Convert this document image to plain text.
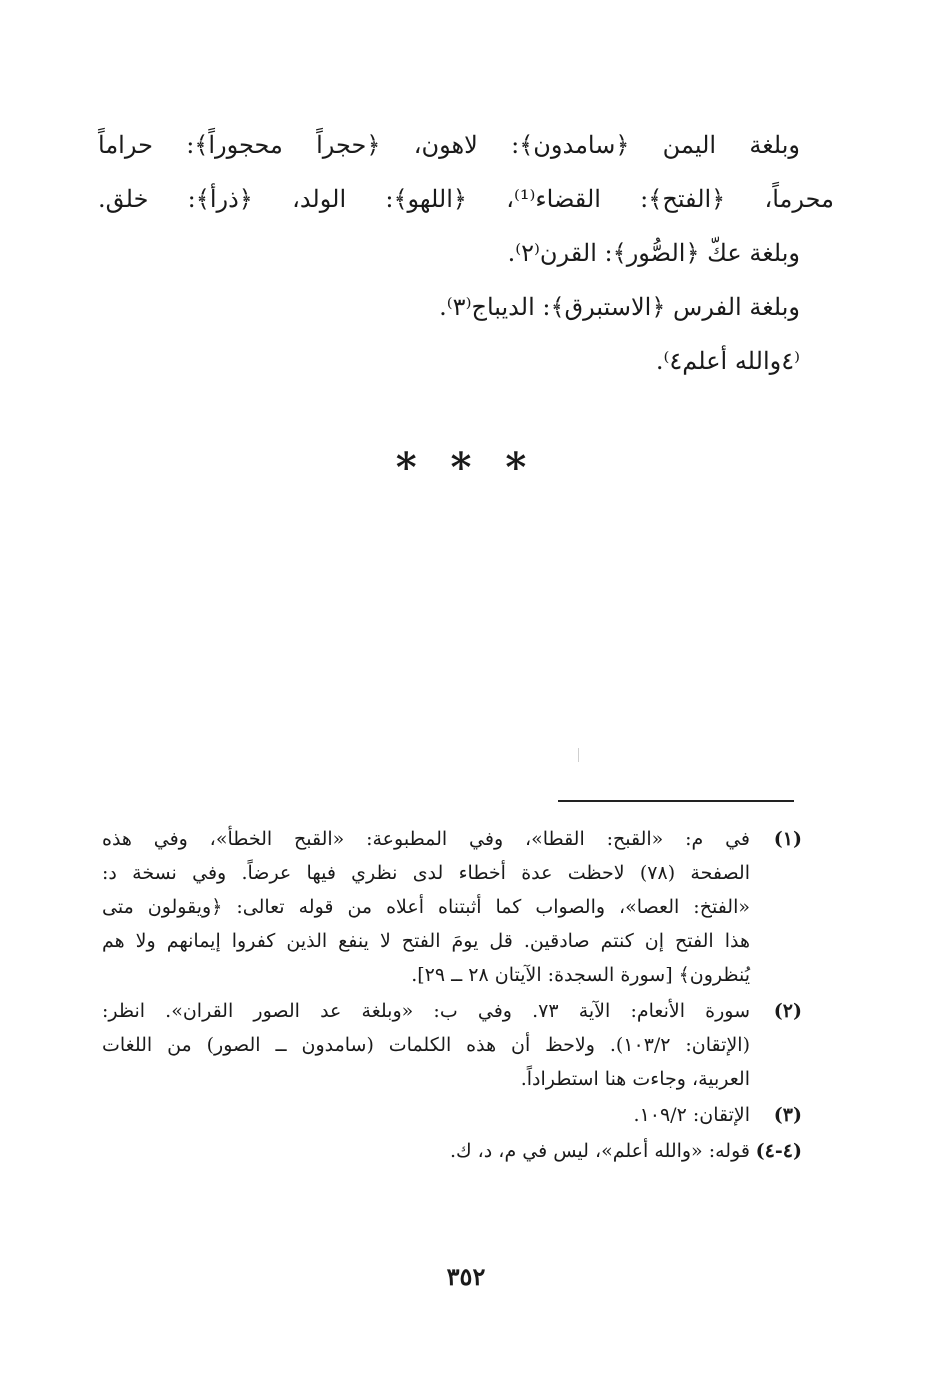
وبلغة اليمن ﴿سامدون﴾: لاهون، ﴿حجراً محجوراً﴾: حراماً

محرماً، ﴿الفتح﴾: القضاء⁽¹⁾، ﴿اللهو﴾: الولد، ﴿ذرأ﴾: خلق.

وبلغة عكّ ﴿الصُّور﴾: القرن⁽٢⁾.

وبلغة الفرس ﴿الاستبرق﴾: الديباج⁽٣⁾.

⁽٤والله أعلم٤⁾.

* * *
(١)
في م: «القبح: القطا»، وفي المطبوعة: «القبح الخطأ»، وفي هذه
الصفحة (٧٨) لاحظت عدة أخطاء لدى نظري فيها عرضاً. وفي نسخة د:
«الفتخ: العصا»، والصواب كما أثبتناه أعلاه من قوله تعالى: ﴿ويقولون متى
هذا الفتح إن كنتم صادقين. قل يومَ الفتح لا ينفع الذين كفروا إيمانهم ولا هم
يُنظرون﴾ [سورة السجدة: الآيتان ٢٨ ــ ٢٩].
(٢)
سورة الأنعام: الآية ٧٣. وفي ب: «وبلغة عد الصور القران». انظر:
(الإتقان: ١٠٣/٢). ولاحظ أن هذه الكلمات (سامدون ــ الصور) من اللغات
العربية، وجاءت هنا استطراداً.
(٣)
الإتقان: ١٠٩/٢.
(٤-٤)
قوله: «والله أعلم»، ليس في م، د، ك.
٣٥٢
